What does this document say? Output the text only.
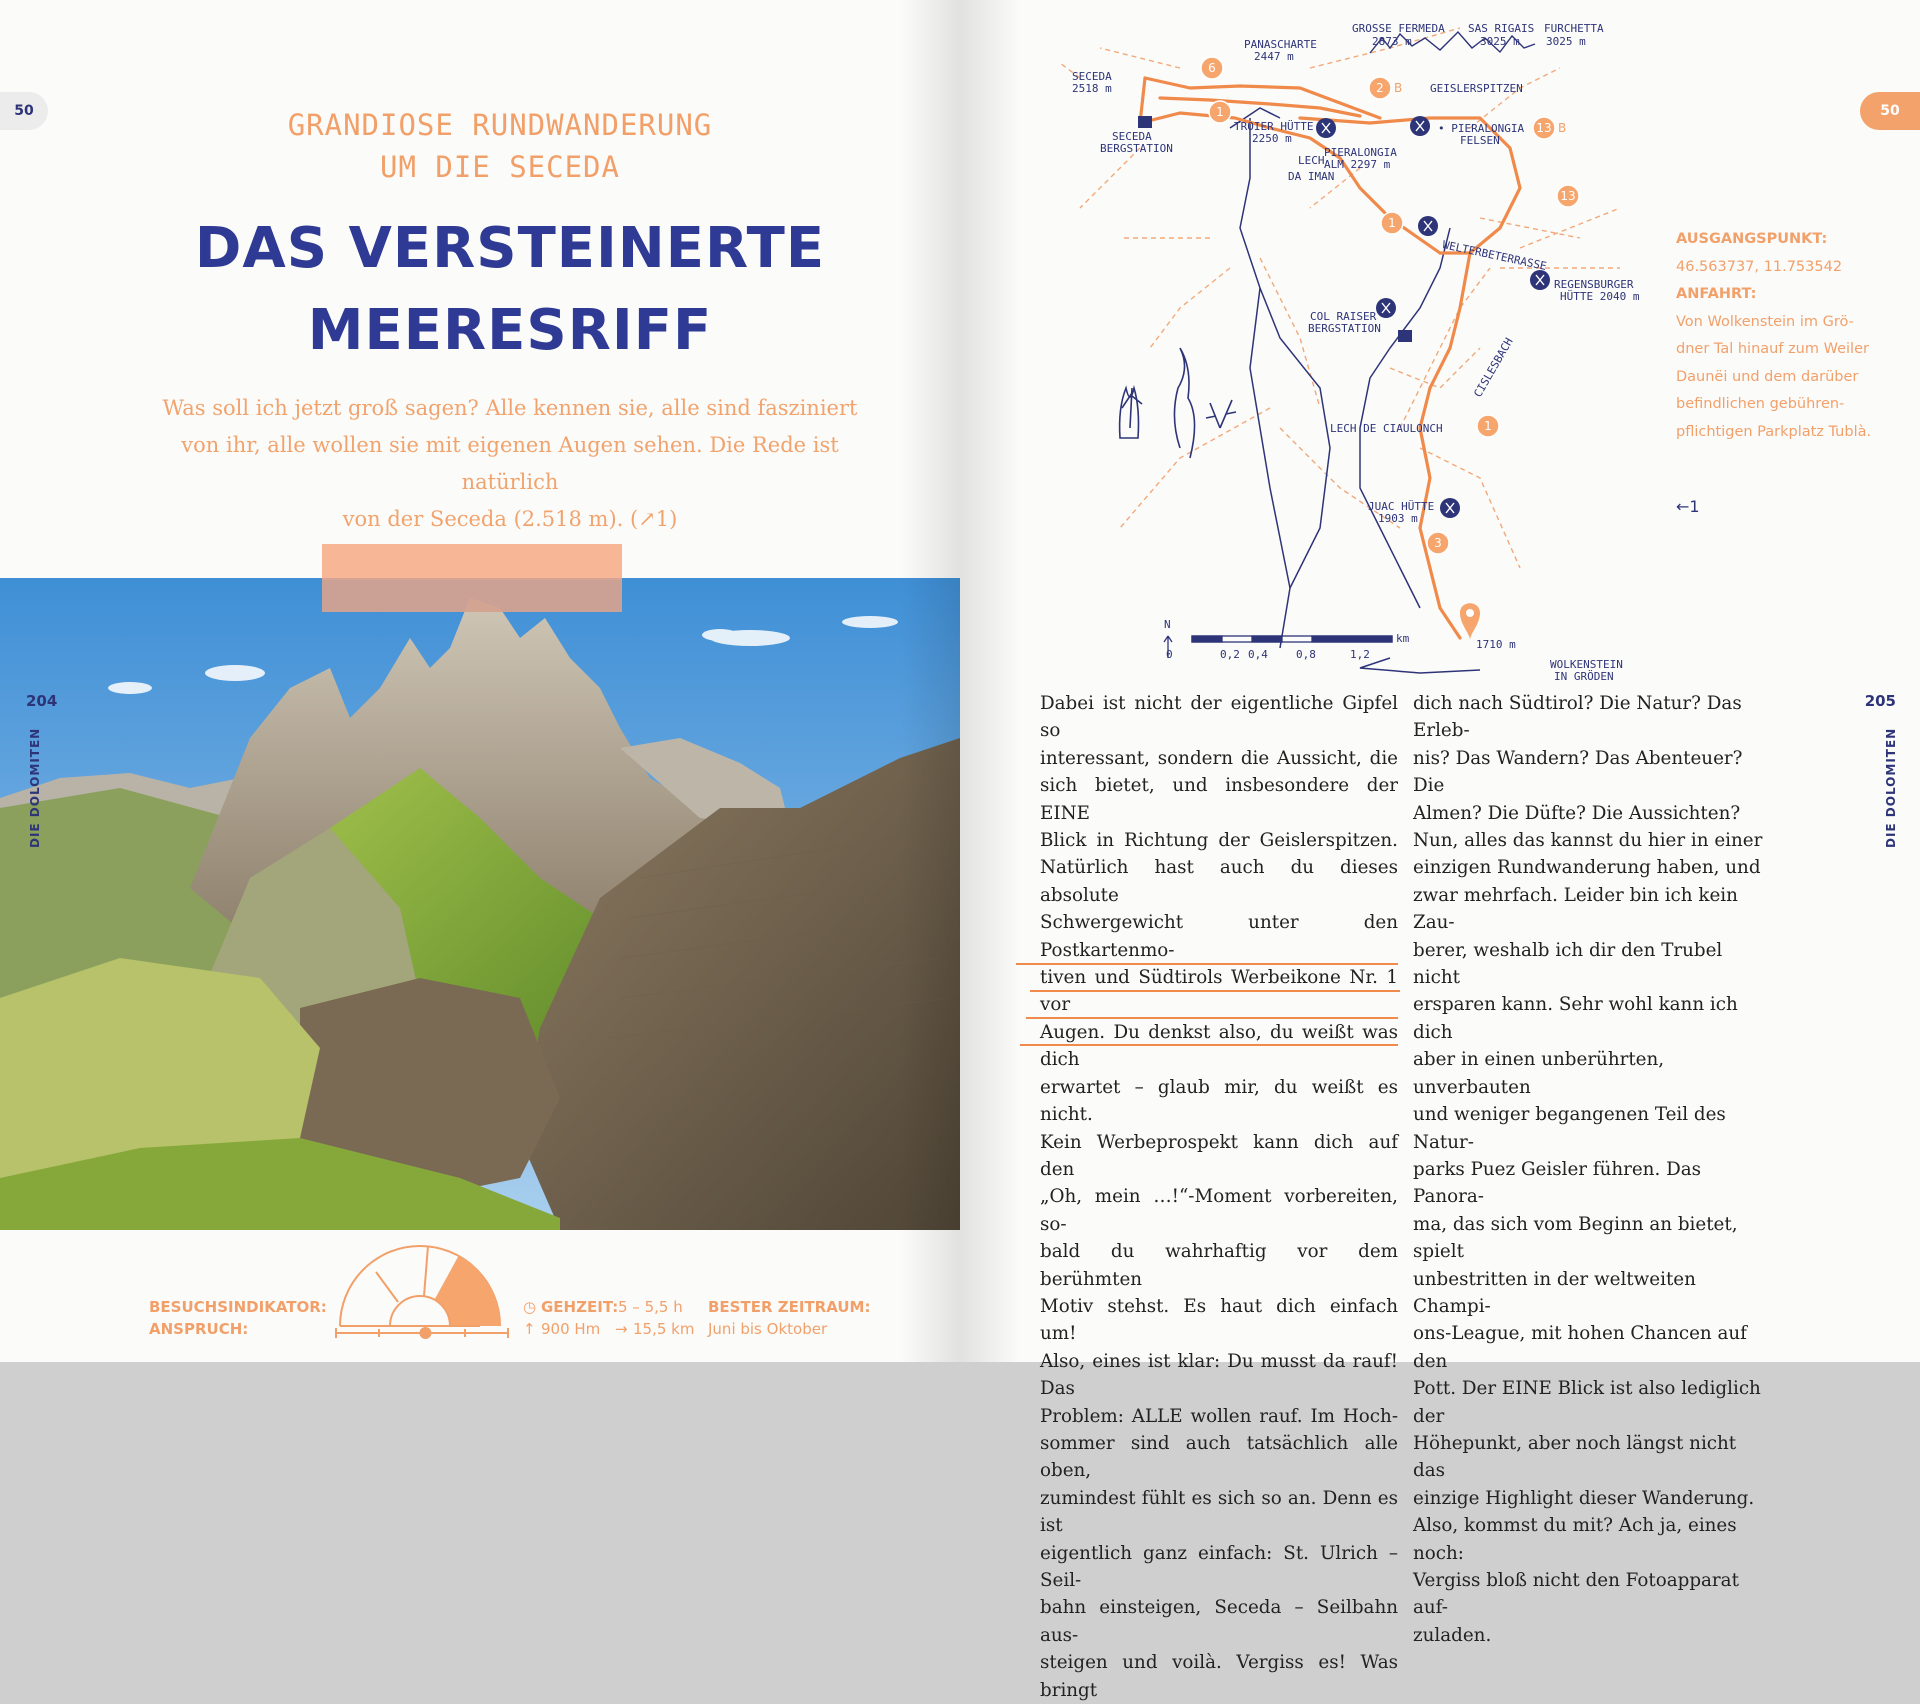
50	GRANDIOSE RUNDWANDERUNG
UM DIE SECEDA
DAS VERSTEINERTE
MEERESRIFF
Was soll ich jetzt groß sagen? Alle kennen sie, alle sind fasziniert
von ihr, alle wollen sie mit eigenen Augen sehen. Die Rede ist natürlich
von der Seceda (2.518 m). (↗1)
204
DIE DOLOMITEN
BESUCHSINDIKATOR:
ANSPRUCH:
◷ GEHZEIT: 5 – 5,5 h
↑ 900 Hm → 15,5 km
BESTER ZEITRAUM:
Juni bis Oktober
50
205
DIE DOLOMITEN
6
2
1
13
13
1
1
3
B
B
GROSSE FERMEDA
2873 m
SAS RIGAIS
3025 m
FURCHETTA
3025 m
PANASCHARTE
2447 m
SECEDA
2518 m
SECEDA
BERGSTATION
GEISLERSPITZEN
TROIER HÜTTE
2250 m
LECH
PIERALONGIA
ALM 2297 m
DA IMAN
• PIERALONGIA
FELSEN
WELTERBETERRASSE
REGENSBURGER
HÜTTE 2040 m
COL RAISER
BERGSTATION
CISLESBACH
LECH DE CIAULONCH
JUAC HÜTTE
1903 m
1710 m
WOLKENSTEIN
IN GRÖDEN
N
km
0	0,2 0,4	0,8	1,2
AUSGANGSPUNKT:
46.563737, 11.753542
ANFAHRT:
Von Wolkenstein im Grö-
dner Tal hinauf zum Weiler
Daunëi und dem darüber
befindlichen gebühren-
pflichtigen Parkplatz Tublà.
←1

Dabei ist nicht der eigentliche Gipfel so

interessant, sondern die Aussicht, die

sich bietet, und insbesondere der EINE

Blick in Richtung der Geislerspitzen.

Natürlich hast auch du dieses absolute

Schwergewicht unter den Postkartenmo-

tiven und Südtirols Werbeikone Nr. 1 vor

Augen. Du denkst also, du weißt was dich

erwartet – glaub mir, du weißt es nicht.

Kein Werbeprospekt kann dich auf den

„Oh, mein …!“-Moment vorbereiten, so-

bald du wahrhaftig vor dem berühmten

Motiv stehst. Es haut dich einfach um!

Also, eines ist klar: Du musst da rauf! Das

Problem: ALLE wollen rauf. Im Hoch-

sommer sind auch tatsächlich alle oben,

zumindest fühlt es sich so an. Denn es ist

eigentlich ganz einfach: St. Ulrich – Seil-

bahn einsteigen, Seceda – Seilbahn aus-

steigen und voilà. Vergiss es! Was bringt

dich nach Südtirol? Die Natur? Das Erleb-

nis? Das Wandern? Das Abenteuer? Die

Almen? Die Düfte? Die Aussichten?

Nun, alles das kannst du hier in einer

einzigen Rundwanderung haben, und

zwar mehrfach. Leider bin ich kein Zau-

berer, weshalb ich dir den Trubel nicht

ersparen kann. Sehr wohl kann ich dich

aber in einen unberührten, unverbauten

und weniger begangenen Teil des Natur-

parks Puez Geisler führen. Das Panora-

ma, das sich vom Beginn an bietet, spielt

unbestritten in der weltweiten Champi-

ons-League, mit hohen Chancen auf den

Pott. Der EINE Blick ist also lediglich der

Höhepunkt, aber noch längst nicht das

einzige Highlight dieser Wanderung.

Also, kommst du mit? Ach ja, eines noch:

Vergiss bloß nicht den Fotoapparat auf-

zuladen.
